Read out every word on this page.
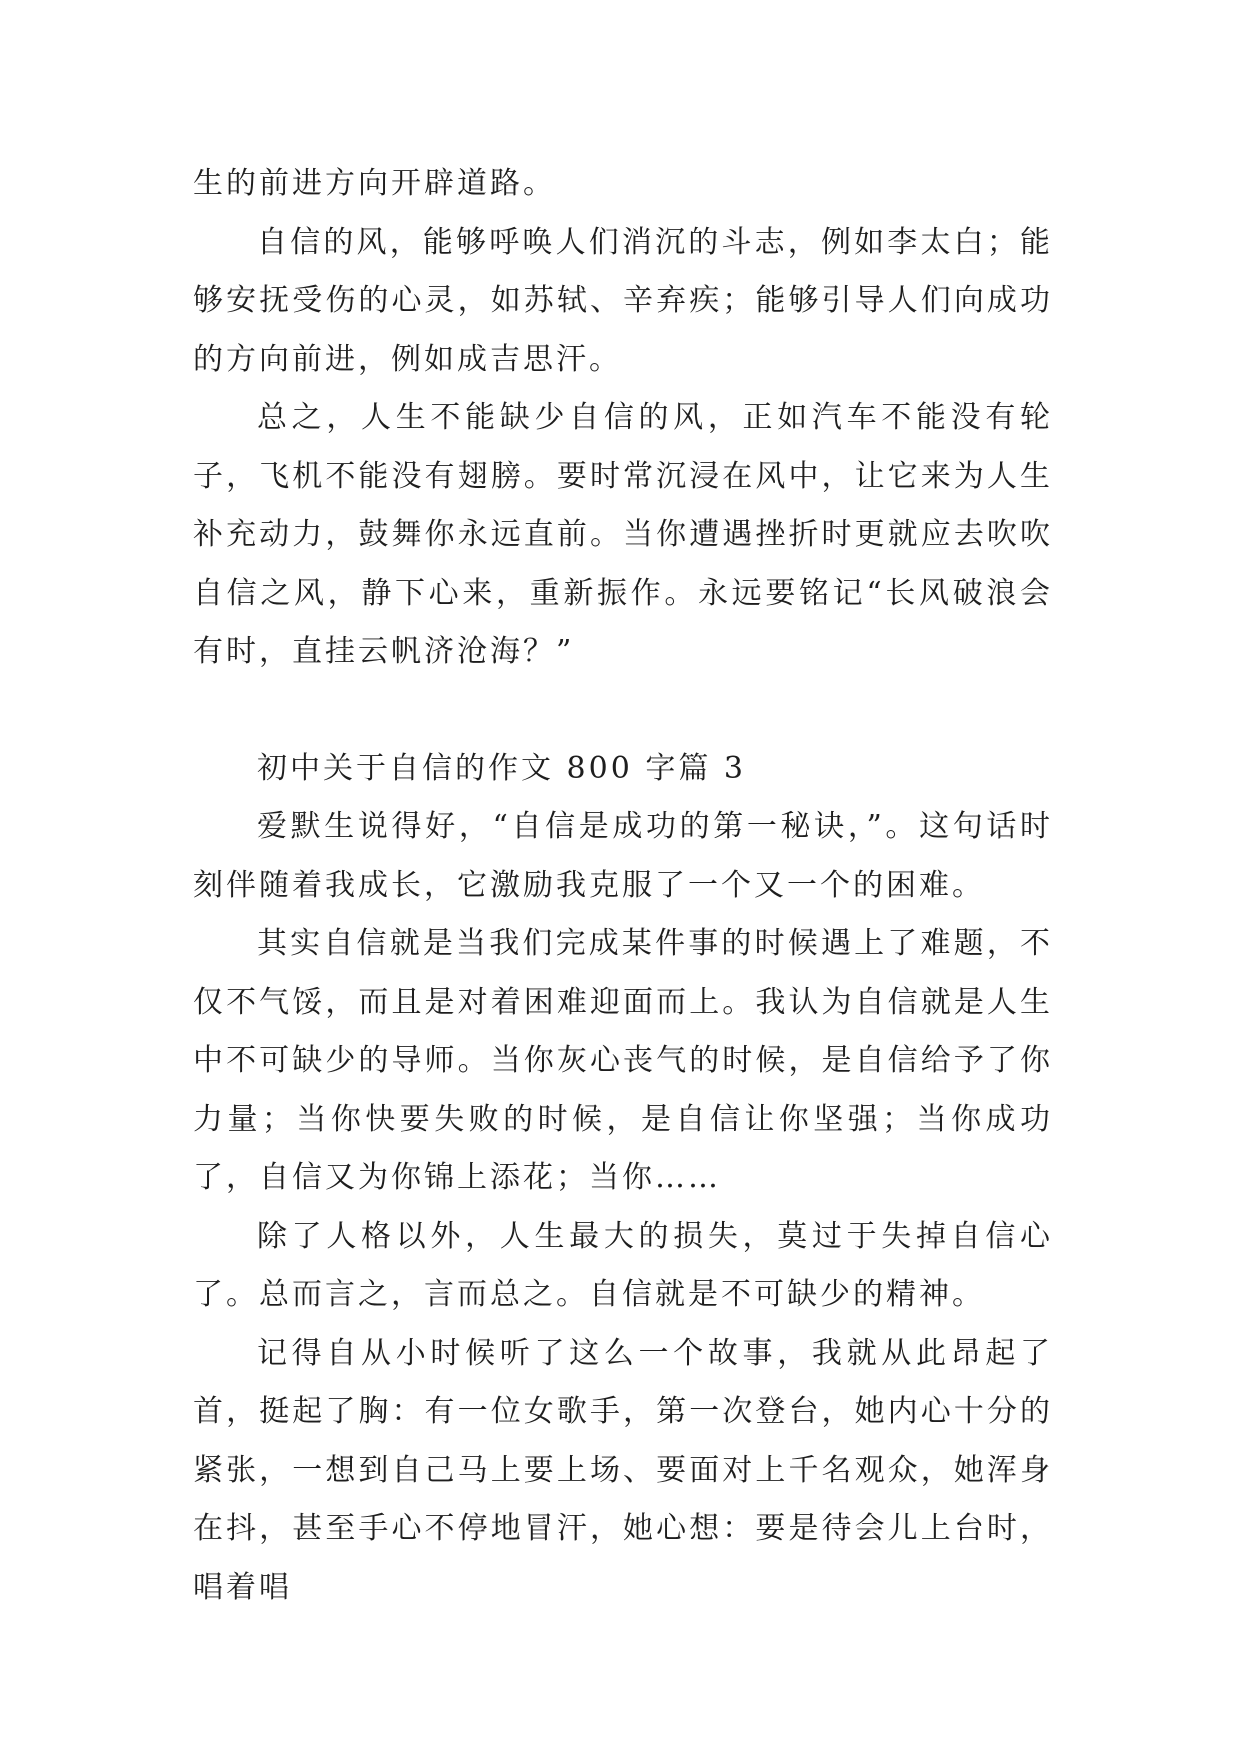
生的前进方向开辟道路。

自信的风，能够呼唤人们消沉的斗志，例如李太白；能够安抚受伤的心灵，如苏轼、辛弃疾；能够引导人们向成功的方向前进，例如成吉思汗。

总之，人生不能缺少自信的风，正如汽车不能没有轮子，飞机不能没有翅膀。要时常沉浸在风中，让它来为人生补充动力，鼓舞你永远直前。当你遭遇挫折时更就应去吹吹自信之风，静下心来，重新振作。永远要铭记“长风破浪会有时，直挂云帆济沧海？”

初中关于自信的作文 800 字篇 3

爱默生说得好，“自信是成功的第一秘诀，”。这句话时刻伴随着我成长，它激励我克服了一个又一个的困难。

其实自信就是当我们完成某件事的时候遇上了难题，不仅不气馁，而且是对着困难迎面而上。我认为自信就是人生中不可缺少的导师。当你灰心丧气的时候，是自信给予了你力量；当你快要失败的时候，是自信让你坚强；当你成功了，自信又为你锦上添花；当你……

除了人格以外，人生最大的损失，莫过于失掉自信心了。总而言之，言而总之。自信就是不可缺少的精神。

记得自从小时候听了这么一个故事，我就从此昂起了首，挺起了胸：有一位女歌手，第一次登台，她内心十分的紧张，一想到自己马上要上场、要面对上千名观众，她浑身在抖，甚至手心不停地冒汗，她心想：要是待会儿上台时，唱着唱
